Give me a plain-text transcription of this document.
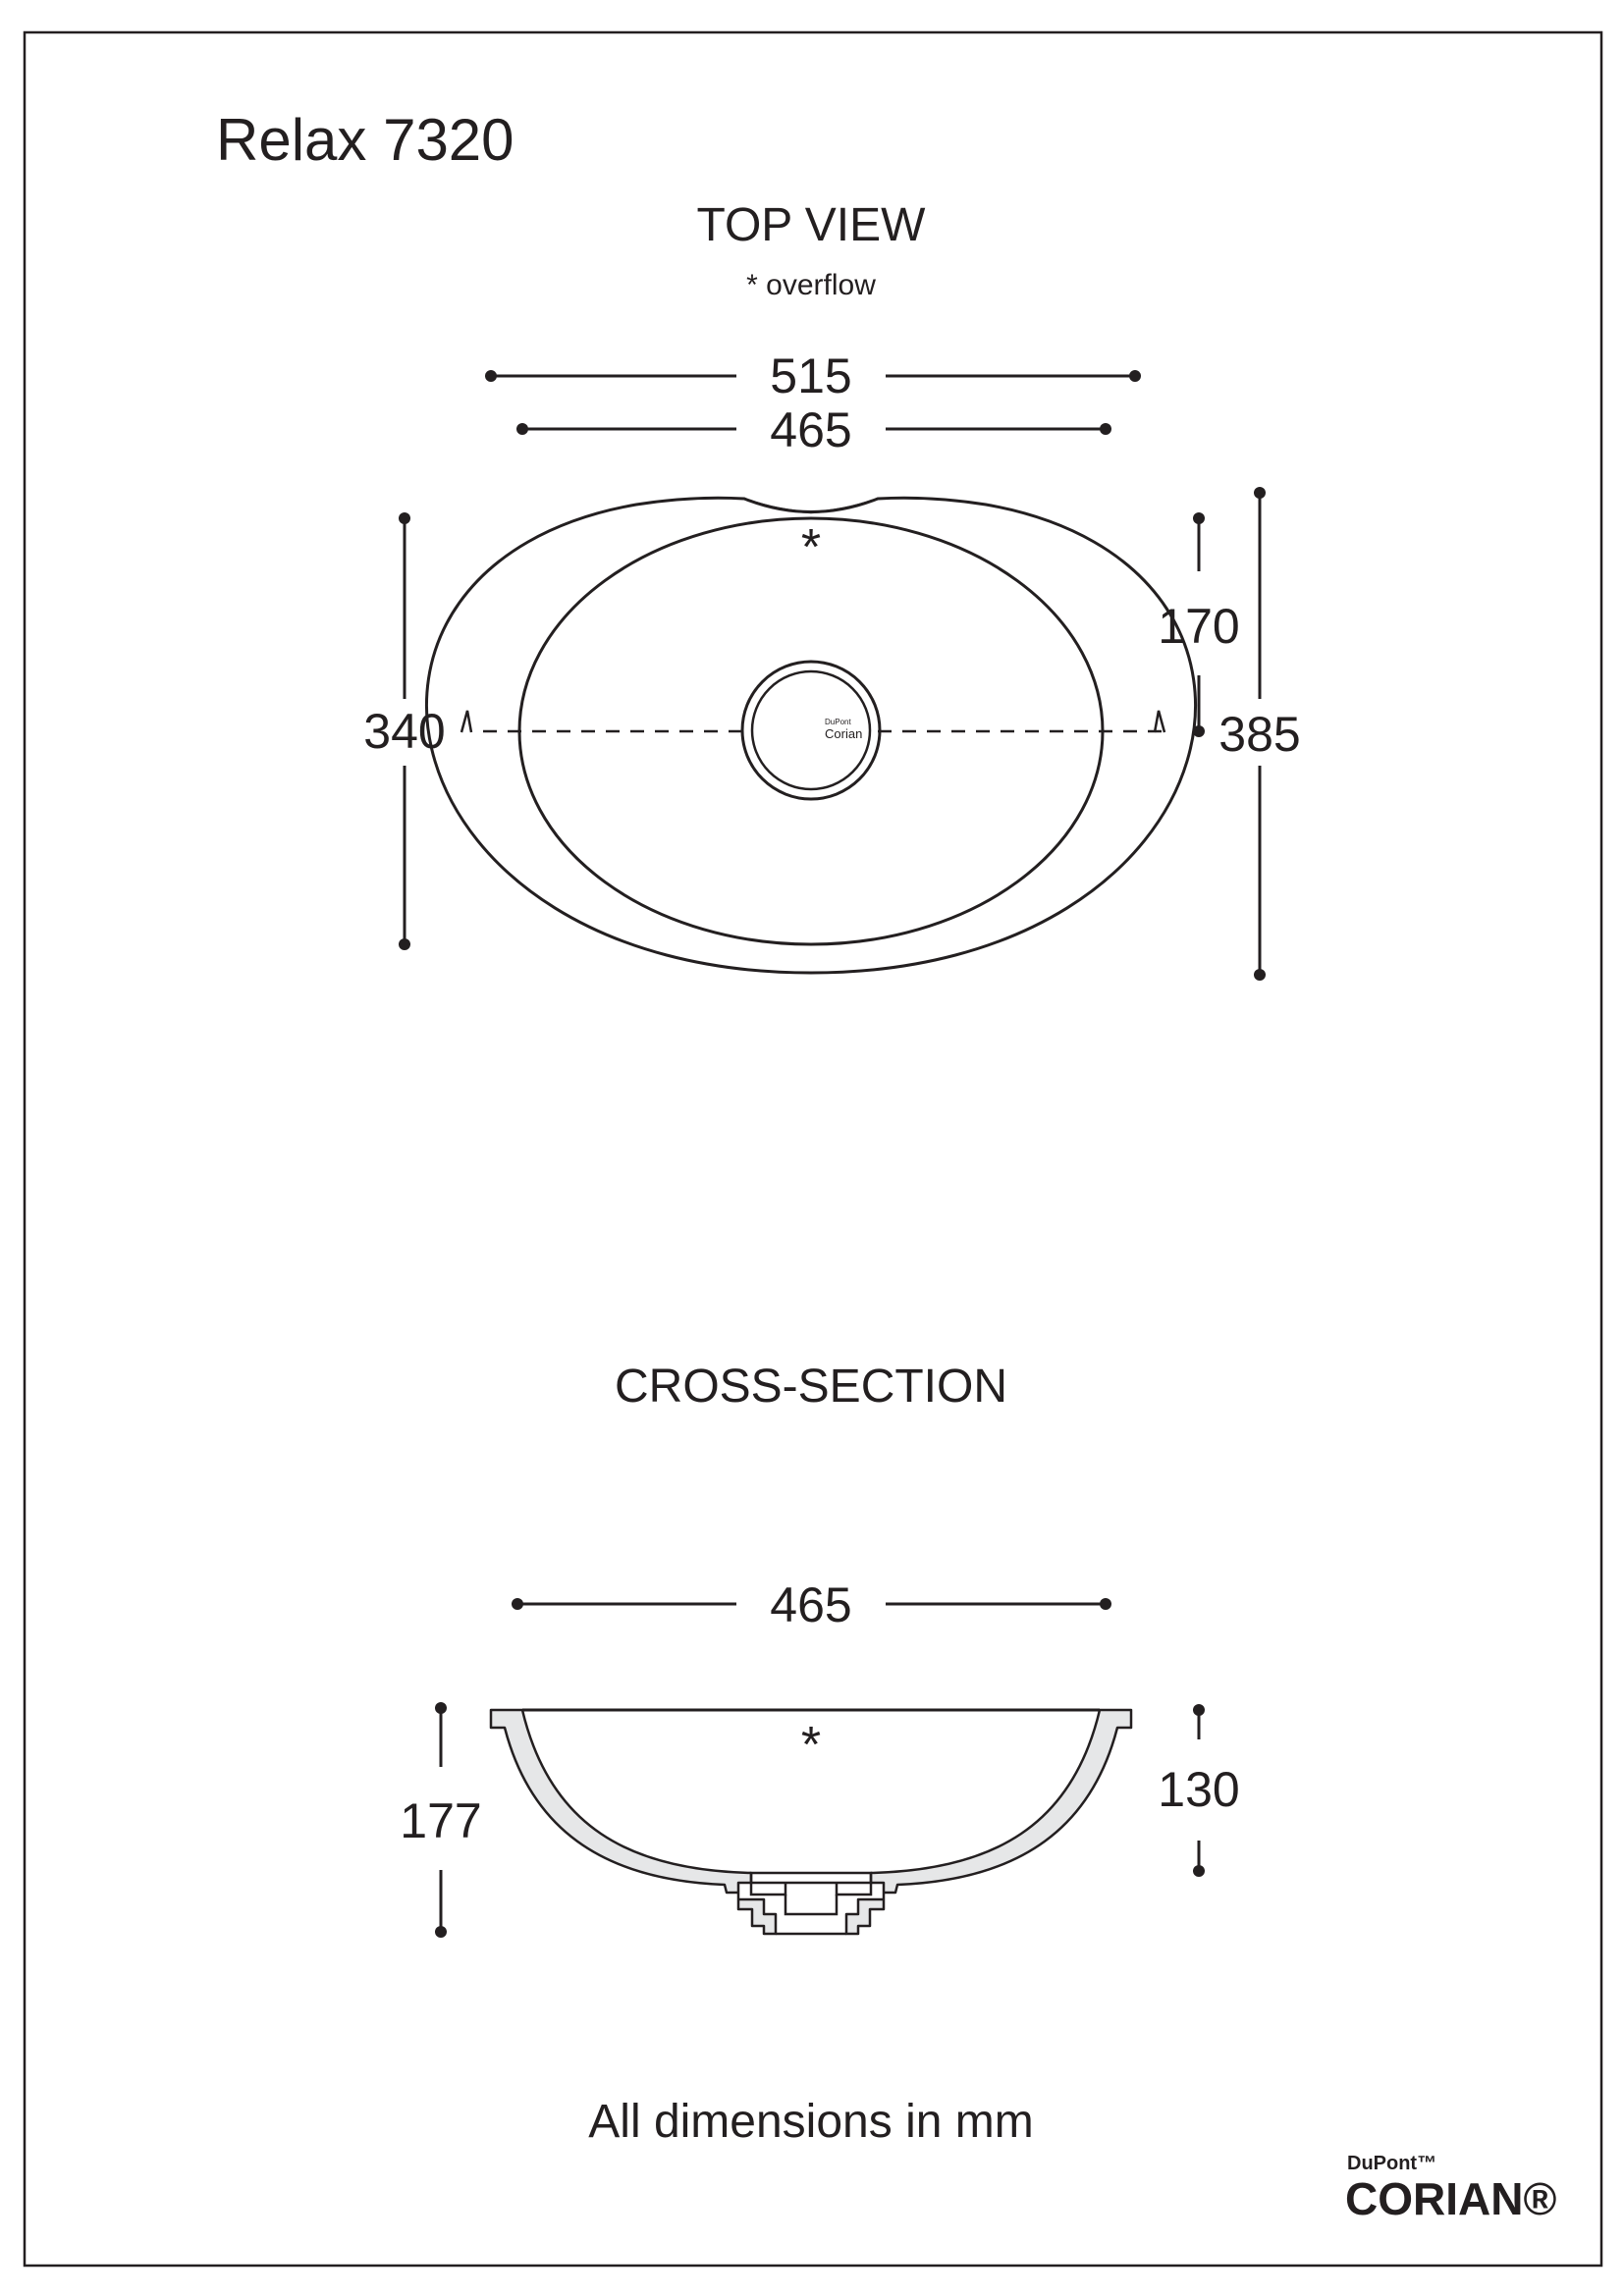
Relax 7320
TOP VIEW
* overflow
515
465
*
DuPont
Corian
340
170
385
CROSS-SECTION
465
*
177
130
All dimensions in mm
DuPont™
CORIAN®
